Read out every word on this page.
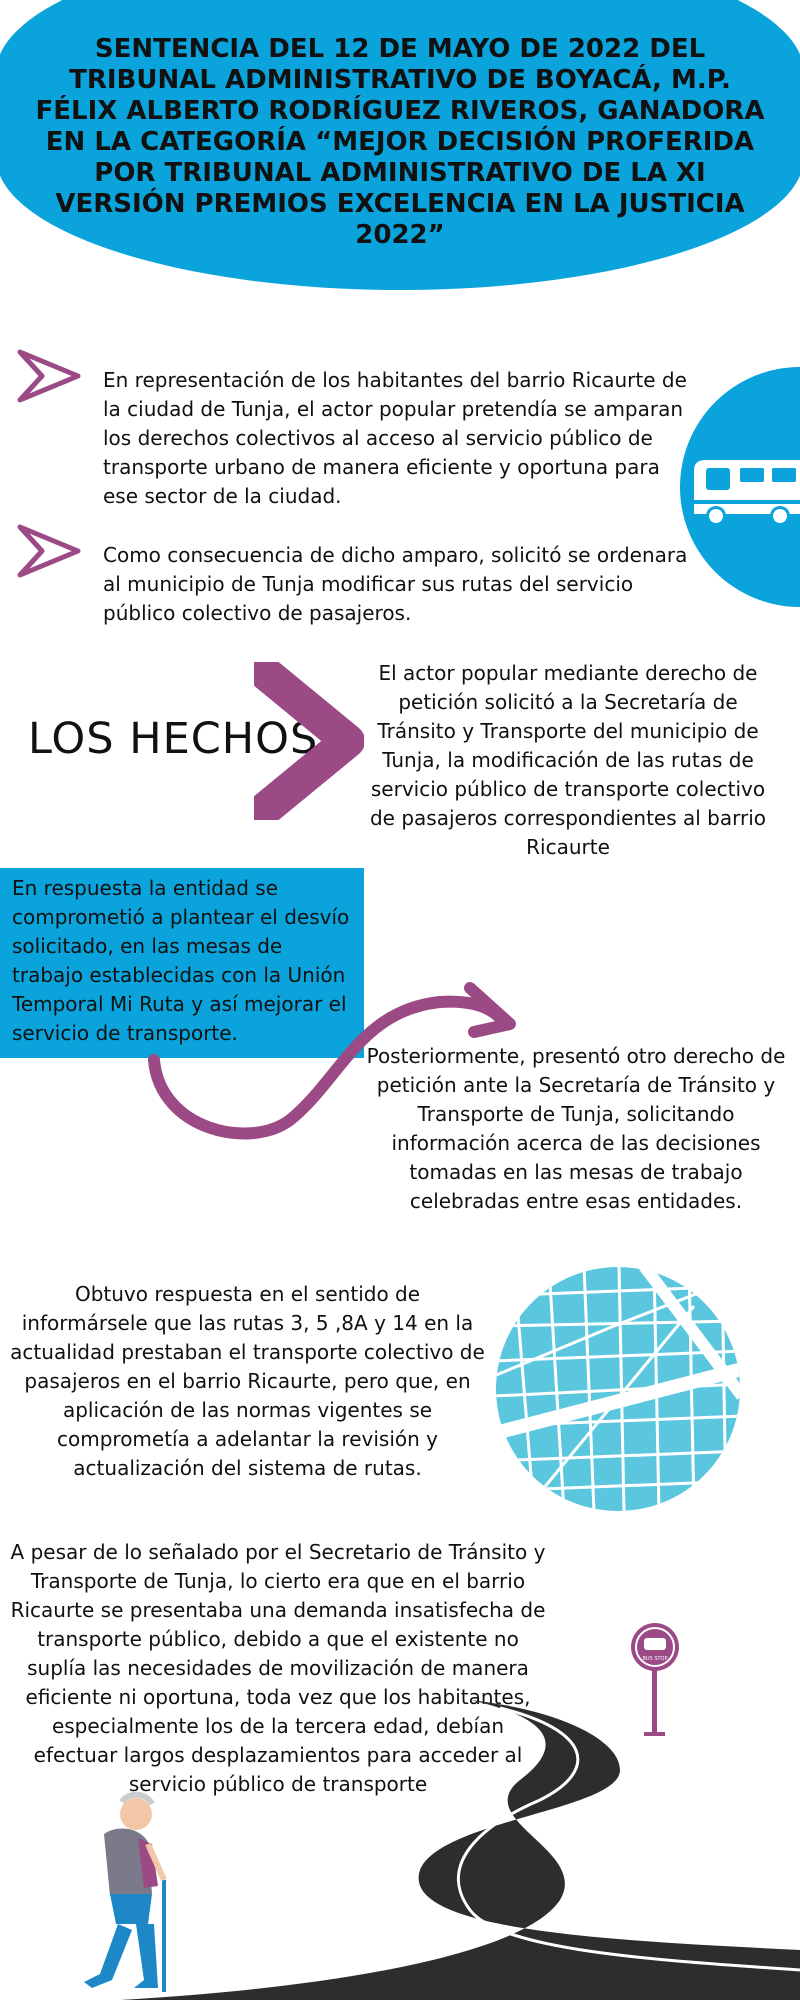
SENTENCIA DEL 12 DE MAYO DE 2022 DEL TRIBUNAL ADMINISTRATIVO DE BOYACÁ, M.P. FÉLIX ALBERTO RODRÍGUEZ RIVEROS, GANADORA EN LA CATEGORÍA “MEJOR DECISIÓN PROFERIDA POR TRIBUNAL ADMINISTRATIVO DE LA XI VERSIÓN PREMIOS EXCELENCIA EN LA JUSTICIA 2022”
En representación de los habitantes del barrio Ricaurte de la ciudad de Tunja, el actor popular pretendía se amparan los derechos colectivos al acceso al servicio público de transporte urbano de manera eficiente y oportuna para ese sector de la ciudad.
Como consecuencia de dicho amparo, solicitó se ordenara al municipio de Tunja modificar sus rutas del servicio público colectivo de pasajeros.
LOS HECHOS
El actor popular mediante derecho de petición solicitó a la Secretaría de Tránsito y Transporte del municipio de Tunja, la modificación de las rutas de servicio público de transporte colectivo de pasajeros correspondientes al barrio Ricaurte
En respuesta la entidad se comprometió a plantear el desvío solicitado, en las mesas de trabajo establecidas con la Unión Temporal Mi Ruta y así mejorar el servicio de transporte.
Posteriormente, presentó otro derecho de petición ante la Secretaría de Tránsito y Transporte de Tunja, solicitando información acerca de las decisiones tomadas en las mesas de trabajo celebradas entre esas entidades.
Obtuvo respuesta en el sentido de informársele que las rutas 3, 5 ,8A y 14 en la actualidad prestaban el transporte colectivo de pasajeros en el barrio Ricaurte, pero que, en aplicación de las normas vigentes se comprometía a adelantar la revisión y actualización del sistema de rutas.
A pesar de lo señalado por el Secretario de Tránsito y Transporte de Tunja, lo cierto era que en el barrio Ricaurte se presentaba una demanda insatisfecha de transporte público, debido a que el existente no suplía las necesidades de movilización de manera eficiente ni oportuna, toda vez que los habitantes, especialmente los de la tercera edad, debían efectuar largos desplazamientos para acceder al servicio público de transporte
BUS STOP
